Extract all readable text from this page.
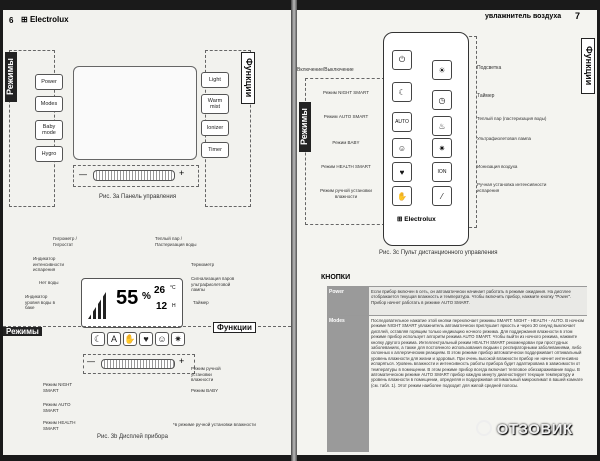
6 ⊞ Electrolux
Режимы	Power
Modes
Baby mode
Hygro
Функции
Light
Warm mist
Ionizer
Timer
—	+
Рис. 3а Панель управления
Гигрометр / Гигростат
Теплый пар / Пастеризация воды
Индикатор интенсивности испарения
Нет воды
Индикатор уровня воды в баке
Термометр
Сигнализация паров ультрафиолетовой лампы
Таймер
55 %
26 °C
12 H
Режимы	Функции
☾ A ✋ ♥ ☺ ✷
—	+
Режим NIGHT SMART
Режим AUTO SMART
Режим HEALTH SMART
Режим ручной установки влажности
Режим BABY
*в режиме ручной установки влажности
Рис. 3b Дисплей прибора
увлажнитель воздуха 7
Режимы
Функции
⏻
☾
AUTO
☺
♥
✋
☀
◷
♨
✷
ION
⁄
⊞ Electrolux
Включение/Выключение
Режим NIGHT SMART
Режим AUTO SMART
Режим BABY
Режим HEALTH SMART
Режим ручной установки влажности
Подсветка
Таймер
Теплый пар (пастеризация воды)
Ультрафиолетовая лампа
Ионизация воздуха
Ручная установка интенсивности испарения
Рис. 3с Пульт дистанционного управления
КНОПКИ
Power	Если прибор включен в сеть, он автоматически начинает работать в режиме ожидания. На дисплее отображается текущая влажность и температура. Чтобы включить прибор, нажмите кнопку "Power". Прибор начнет работать в режиме AUTO SMART.
Modes	Последовательное нажатие этой кнопки переключает режимы SMART: NIGHT - HEALTH - AUTO. В ночном режиме NIGHT SMART увлажнитель автоматически приглушает яркость и через 30 секунд выключает дисплей, оставляя горящим только индикацию ночного режима. Для поддержания влажности в этом режиме прибор использует алгоритм режима AUTO SMART. Чтобы выйти из ночного режима, нажмите кнопку другого режима. Интеллектуальный режим HEALTH SMART рекомендован при простудных заболеваниях, а также для постоянного использования людьми с респираторными заболеваниями, либо склонных к аллергическим реакциям. В этом режиме прибор автоматически поддерживает оптимальный уровень влажности для жизни и здоровья. При очень высокой влажности прибор не начнет интенсивно испаряться. Уровень влажности и интенсивность работы прибора будет адаптирована в зависимости от температуры в помещении. В этом режиме прибор всегда включает тепловое обеззараживание воды. В автоматическом режиме AUTO SMART прибор каждую минуту диагностирует текущие температуру и уровень влажности в помещении, определяя и поддерживая оптимальный микроклимат в вашей комнате (см. табл. 1). Этот режим наиболее подходит для жилой средней полосы.
ОТЗОВИК
